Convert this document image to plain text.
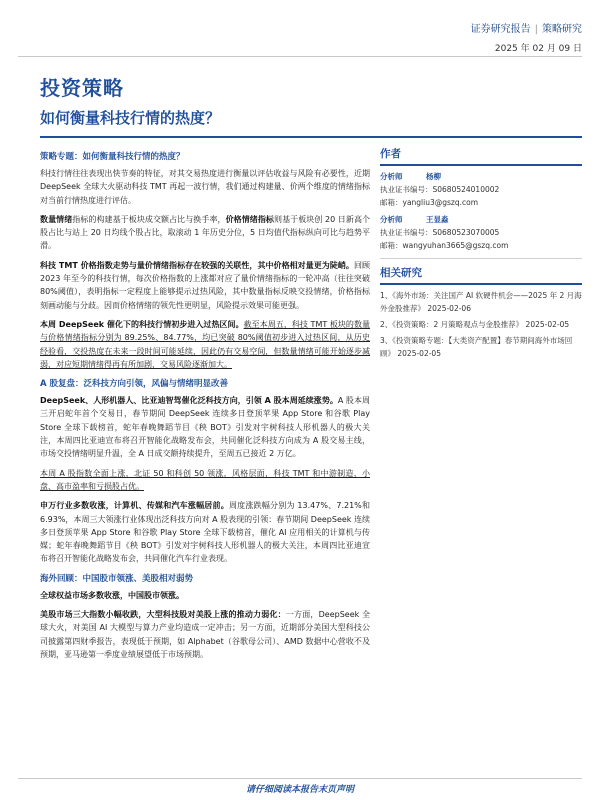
证券研究报告 | 策略研究
2025 年 02 月 09 日
投资策略
如何衡量科技行情的热度？
策略专题：如何衡量科技行情的热度？

科技行情往往表现出快节奏的特征，对其交易热度进行衡量以评估收益与风险有必要性，近期 DeepSeek 全球大火驱动科技 TMT 再起一波行情，我们通过构建量、价两个维度的情绪指标对当前行情热度进行评估。

数量情绪指标的构建基于板块成交额占比与换手率，价格情绪指标则基于板块创 20 日新高个股占比与站上 20 日均线个股占比，取滚动 1 年历史分位，5 日均值代指标纵向可比与趋势平滑。

科技 TMT 价格指数走势与量价情绪指标存在较强的关联性，其中价格相对量更为陡峭。回顾 2023 年至今的科技行情，每次价格指数的上涨都对应了量价情绪指标的一轮冲高（往往突破 80%阈值），表明指标一定程度上能够提示过热风险，其中数量指标反映交投情绪，价格指标刻画动能与分歧。因而价格情绪的领先性更明显，风险提示效果可能更强。

本周 DeepSeek 催化下的科技行情初步进入过热区间。截至本周五，科技 TMT 板块的数量与价格情绪指标分别为 89.25%、84.77%，均已突破 80%阈值初步进入过热区间，从历史经验看，交投热度在未来一段时间可能延续，因此仍有交易空间，但数量情绪可能开始逐步减弱，对应短期情绪得再有所加剧，交易风险逐渐加大。

A 股复盘：泛科技方向引领，风偏与情绪明显改善

DeepSeek、人形机器人、比亚迪智驾催化泛科技方向，引领 A 股本周延续涨势。A 股本周三开启蛇年首个交易日，春节期间 DeepSeek 连续多日登顶苹果 App Store 和谷歌 Play Store 全球下载榜首，蛇年春晚舞蹈节目《秧 BOT》引发对宇树科技人形机器人的极大关注，本周四比亚迪宣布将召开智能化战略发布会，共同催化泛科技方向成为 A 股交易主线，市场交投情绪明显升温，全 A 日成交额持续提升，至周五已接近 2 万亿。

本周 A 股指数全面上涨，北证 50 和科创 50 领涨，风格层面，科技 TMT 和中游制造，小盘、高市盈率和亏损股占优。

申万行业多数收涨，计算机、传媒和汽车涨幅居前。周度涨跌幅分别为 13.47%、7.21%和 6.93%，本周三大领涨行业体现出泛科技方向对 A 股表现的引领：春节期间 DeepSeek 连续多日登顶苹果 App Store 和谷歌 Play Store 全球下载榜首，催化 AI 应用相关的计算机与传媒；蛇年春晚舞蹈节目《秧 BOT》引发对宇树科技人形机器人的极大关注，本周四比亚迪宣布将召开智能化战略发布会，共同催化汽车行业表现。

海外回顾：中国股市领涨、美股相对弱势

全球权益市场多数收涨，中国股市领涨。

美股市场三大指数小幅收跌，大型科技股对美股上涨的推动力弱化：一方面，DeepSeek 全球大火，对美国 AI 大模型与算力产业均造成一定冲击；另一方面，近期部分美国大型科技公司披露第四财季报告，表现低于预期，如 Alphabet（谷歌母公司）、AMD 数据中心营收不及预期，亚马逊第一季度业绩展望低于市场预期。

作者
分析师	杨柳
执业证书编号：S0680524010002
邮箱：yangliu3@gszq.com
分析师	王显淼
执业证书编号：S0680523070005
邮箱：wangyuhan3665@gszq.com
相关研究
1、《海外市场：关注国产 AI 软硬件机会——2025 年 2 月海外金股推荐》 2025-02-06
2、《投资策略：2 月策略观点与金股推荐》 2025-02-05
3、《投资策略专题：【大类资产配置】春节期间海外市场回顾》 2025-02-05
请仔细阅读本报告末页声明
